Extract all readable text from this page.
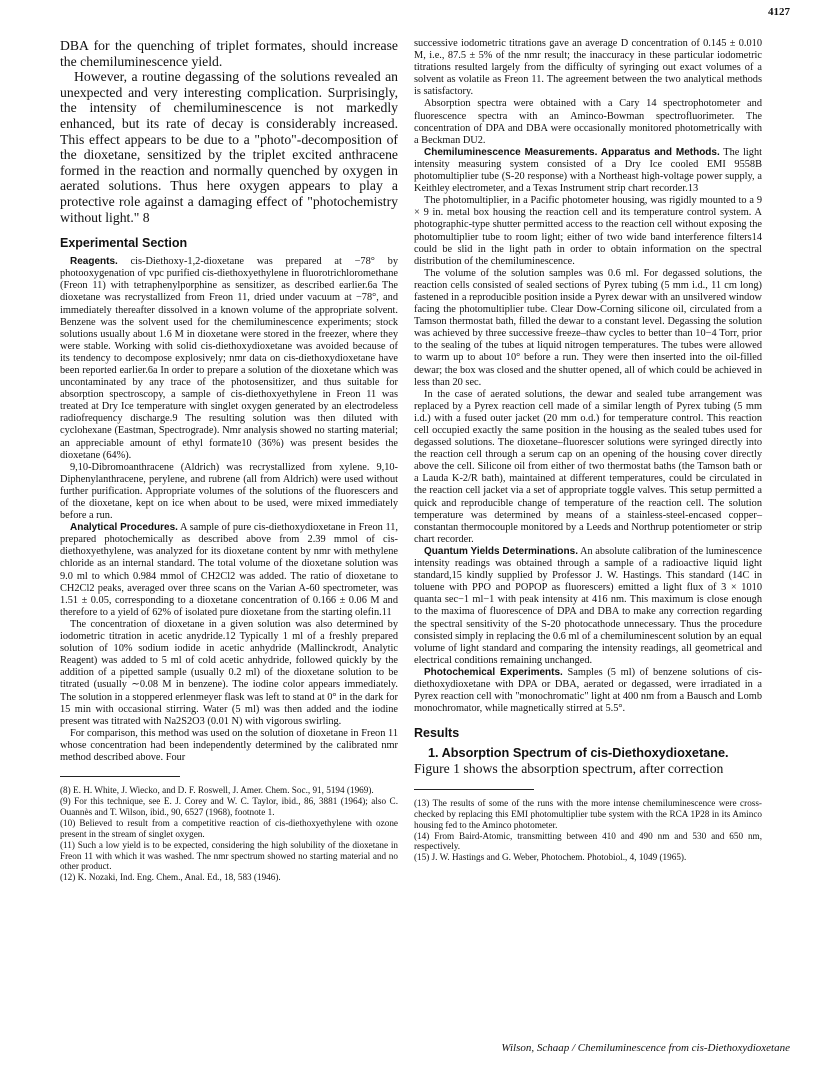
4127

DBA for the quenching of triplet formates, should increase the chemiluminescence yield.

However, a routine degassing of the solutions revealed an unexpected and very interesting complication. Surprisingly, the intensity of chemiluminescence is not markedly enhanced, but its rate of decay is considerably increased. This effect appears to be due to a "photo"-decomposition of the dioxetane, sensitized by the triplet excited anthracene formed in the reaction and normally quenched by oxygen in aerated solutions. Thus here oxygen appears to play a protective role against a damaging effect of "photochemistry without light." 8

Experimental Section

Reagents. cis-Diethoxy-1,2-dioxetane was prepared at −78° by photooxygenation of vpc purified cis-diethoxyethylene in fluorotrichloromethane (Freon 11) with tetraphenylporphine as sensitizer, as described earlier.6a The dioxetane was recrystallized from Freon 11, dried under vacuum at −78°, and immediately thereafter dissolved in a known volume of the appropriate solvent. Benzene was the solvent used for the chemiluminescence experiments; stock solutions usually about 1.6 M in dioxetane were stored in the freezer, where they were stable. Working with solid cis-diethoxydioxetane was avoided because of its tendency to decompose explosively; nmr data on cis-diethoxydioxetane have been reported earlier.6a In order to prepare a solution of the dioxetane which was uncontaminated by any trace of the photosensitizer, and thus suitable for absorption spectroscopy, a sample of cis-diethoxyethylene in Freon 11 was treated at Dry Ice temperature with singlet oxygen generated by an electrodeless radiofrequency discharge.9 The resulting solution was then diluted with cyclohexane (Eastman, Spectrograde). Nmr analysis showed no starting material; an appreciable amount of ethyl formate10 (36%) was present besides the dioxetane (64%).

9,10-Dibromoanthracene (Aldrich) was recrystallized from xylene. 9,10-Diphenylanthracene, perylene, and rubrene (all from Aldrich) were used without further purification. Appropriate volumes of the solutions of the fluorescers and of the dioxetane, kept on ice when about to be used, were mixed immediately before a run.

Analytical Procedures. A sample of pure cis-diethoxydioxetane in Freon 11, prepared photochemically as described above from 2.39 mmol of cis-diethoxyethylene, was analyzed for its dioxetane content by nmr with methylene chloride as an internal standard. The total volume of the dioxetane solution was 9.0 ml to which 0.984 mmol of CH2Cl2 was added. The ratio of dioxetane to CH2Cl2 peaks, averaged over three scans on the Varian A-60 spectrometer, was 1.51 ± 0.05, corresponding to a dioxetane concentration of 0.166 ± 0.06 M and therefore to a yield of 62% of isolated pure dioxetane from the starting olefin.11

The concentration of dioxetane in a given solution was also determined by iodometric titration in acetic anydride.12 Typically 1 ml of a freshly prepared solution of 10% sodium iodide in acetic anhydride (Mallinckrodt, Analytic Reagent) was added to 5 ml of cold acetic anhydride, followed quickly by the addition of a pipetted sample (usually 0.2 ml) of the dioxetane solution to be titrated (usually ∼0.08 M in benzene). The iodine color appears immediately. The solution in a stoppered erlenmeyer flask was left to stand at 0° in the dark for 15 min with occasional stirring. Water (5 ml) was then added and the iodine present was titrated with Na2S2O3 (0.01 N) with vigorous swirling.

For comparison, this method was used on the solution of dioxetane in Freon 11 whose concentration had been independently determined by the calibrated nmr method described above. Four

(8) E. H. White, J. Wiecko, and D. F. Roswell, J. Amer. Chem. Soc., 91, 5194 (1969).

(9) For this technique, see E. J. Corey and W. C. Taylor, ibid., 86, 3881 (1964); also C. Ouannès and T. Wilson, ibid., 90, 6527 (1968), footnote 1.

(10) Believed to result from a competitive reaction of cis-diethoxyethylene with ozone present in the stream of singlet oxygen.

(11) Such a low yield is to be expected, considering the high solubility of the dioxetane in Freon 11 with which it was washed. The nmr spectrum showed no starting material and no other product.

(12) K. Nozaki, Ind. Eng. Chem., Anal. Ed., 18, 583 (1946).

successive iodometric titrations gave an average D concentration of 0.145 ± 0.010 M, i.e., 87.5 ± 5% of the nmr result; the inaccuracy in these particular iodometric titrations resulted largely from the difficulty of syringing out exact volumes of a solvent as volatile as Freon 11. The agreement between the two analytical methods is satisfactory.

Absorption spectra were obtained with a Cary 14 spectrophotometer and fluorescence spectra with an Aminco-Bowman spectrofluorimeter. The concentration of DPA and DBA were occasionally monitored photometrically with a Beckman DU2.

Chemiluminescence Measurements. Apparatus and Methods. The light intensity measuring system consisted of a Dry Ice cooled EMI 9558B photomultiplier tube (S-20 response) with a Northeast high-voltage power supply, a Keithley electrometer, and a Texas Instrument strip chart recorder.13

The photomultiplier, in a Pacific photometer housing, was rigidly mounted to a 9 × 9 in. metal box housing the reaction cell and its temperature control system. A photographic-type shutter permitted access to the reaction cell without exposing the photomultiplier tube to room light; either of two wide band interference filters14 could be slid in the light path in order to obtain information on the spectral distribution of the chemiluminescence.

The volume of the solution samples was 0.6 ml. For degassed solutions, the reaction cells consisted of sealed sections of Pyrex tubing (5 mm i.d., 11 cm long) fastened in a reproducible position inside a Pyrex dewar with an unsilvered window facing the photomultiplier tube. Clear Dow-Corning silicone oil, circulated from a Tamson thermostat bath, filled the dewar to a constant level. Degassing the solution was achieved by three successive freeze–thaw cycles to better than 10−4 Torr, prior to the sealing of the tubes at liquid nitrogen temperatures. The tubes were allowed to warm up to about 10° before a run. They were then inserted into the oil-filled dewar; the box was closed and the shutter opened, all of which could be achieved in less than 20 sec.

In the case of aerated solutions, the dewar and sealed tube arrangement was replaced by a Pyrex reaction cell made of a similar length of Pyrex tubing (5 mm i.d.) with a fused outer jacket (20 mm o.d.) for temperature control. This reaction cell occupied exactly the same position in the housing as the sealed tubes used for degassed solutions. The dioxetane–fluorescer solutions were syringed directly into the reaction cell through a serum cap on an opening of the housing cover directly above the cell. Silicone oil from either of two thermostat baths (the Tamson bath or a Lauda K-2/R bath), maintained at different temperatures, could be circulated in the reaction cell jacket via a set of appropriate toggle valves. This setup permitted a quick and reproducible change of temperature of the reaction cell. The solution temperature was determined by means of a stainless-steel-encased copper–constantan thermocouple monitored by a Leeds and Northrup potentiometer or strip chart recorder.

Quantum Yields Determinations. An absolute calibration of the luminescence intensity readings was obtained through a sample of a radioactive liquid light standard,15 kindly supplied by Professor J. W. Hastings. This standard (14C in toluene with PPO and POPOP as fluorescers) emitted a light flux of 3 × 1010 quanta sec−1 ml−1 with peak intensity at 416 nm. This maximum is close enough to the maxima of fluorescence of DPA and DBA to make any correction regarding the spectral sensitivity of the S-20 photocathode unnecessary. Thus the procedure consisted simply in replacing the 0.6 ml of a chemiluminescent solution by an equal volume of light standard and comparing the intensity readings, all geometrical and electrical conditions remaining unchanged.

Photochemical Experiments. Samples (5 ml) of benzene solutions of cis-diethoxydioxetane with DPA or DBA, aerated or degassed, were irradiated in a Pyrex reaction cell with "monochromatic" light at 400 nm from a Bausch and Lomb monochromator, while magnetically stirred at 5.5°.

Results

1. Absorption Spectrum of cis-Diethoxydioxetane.

Figure 1 shows the absorption spectrum, after correction

(13) The results of some of the runs with the more intense chemiluminescence were cross-checked by replacing this EMI photomultiplier tube system with the RCA 1P28 in its Aminco housing fed to the Aminco photometer.

(14) From Baird-Atomic, transmitting between 410 and 490 nm and 530 and 650 nm, respectively.

(15) J. W. Hastings and G. Weber, Photochem. Photobiol., 4, 1049 (1965).

Wilson, Schaap / Chemiluminescence from cis-Diethoxydioxetane
